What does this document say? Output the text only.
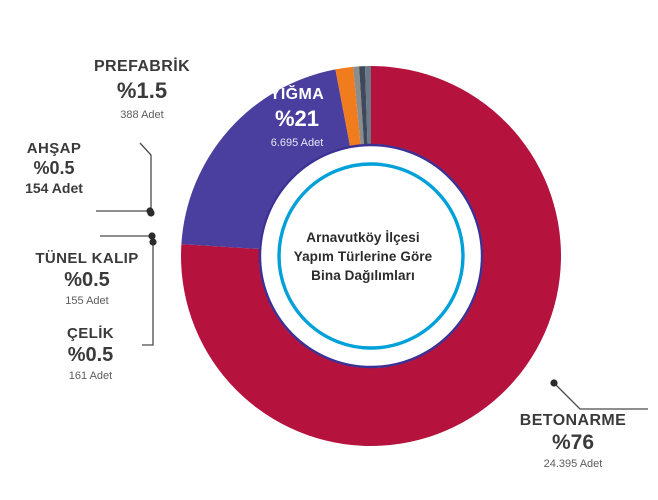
Arnavutköy İlçesi
Yapım Türlerine Göre
Bina Dağılımları
PREFABRİK
%1.5
388 Adet
AHŞAP
%0.5
154 Adet
TÜNEL KALIP
%0.5
155 Adet
ÇELİK
%0.5
161 Adet
YIĞMA
%21
6.695 Adet
BETONARME
%76
24.395 Adet
